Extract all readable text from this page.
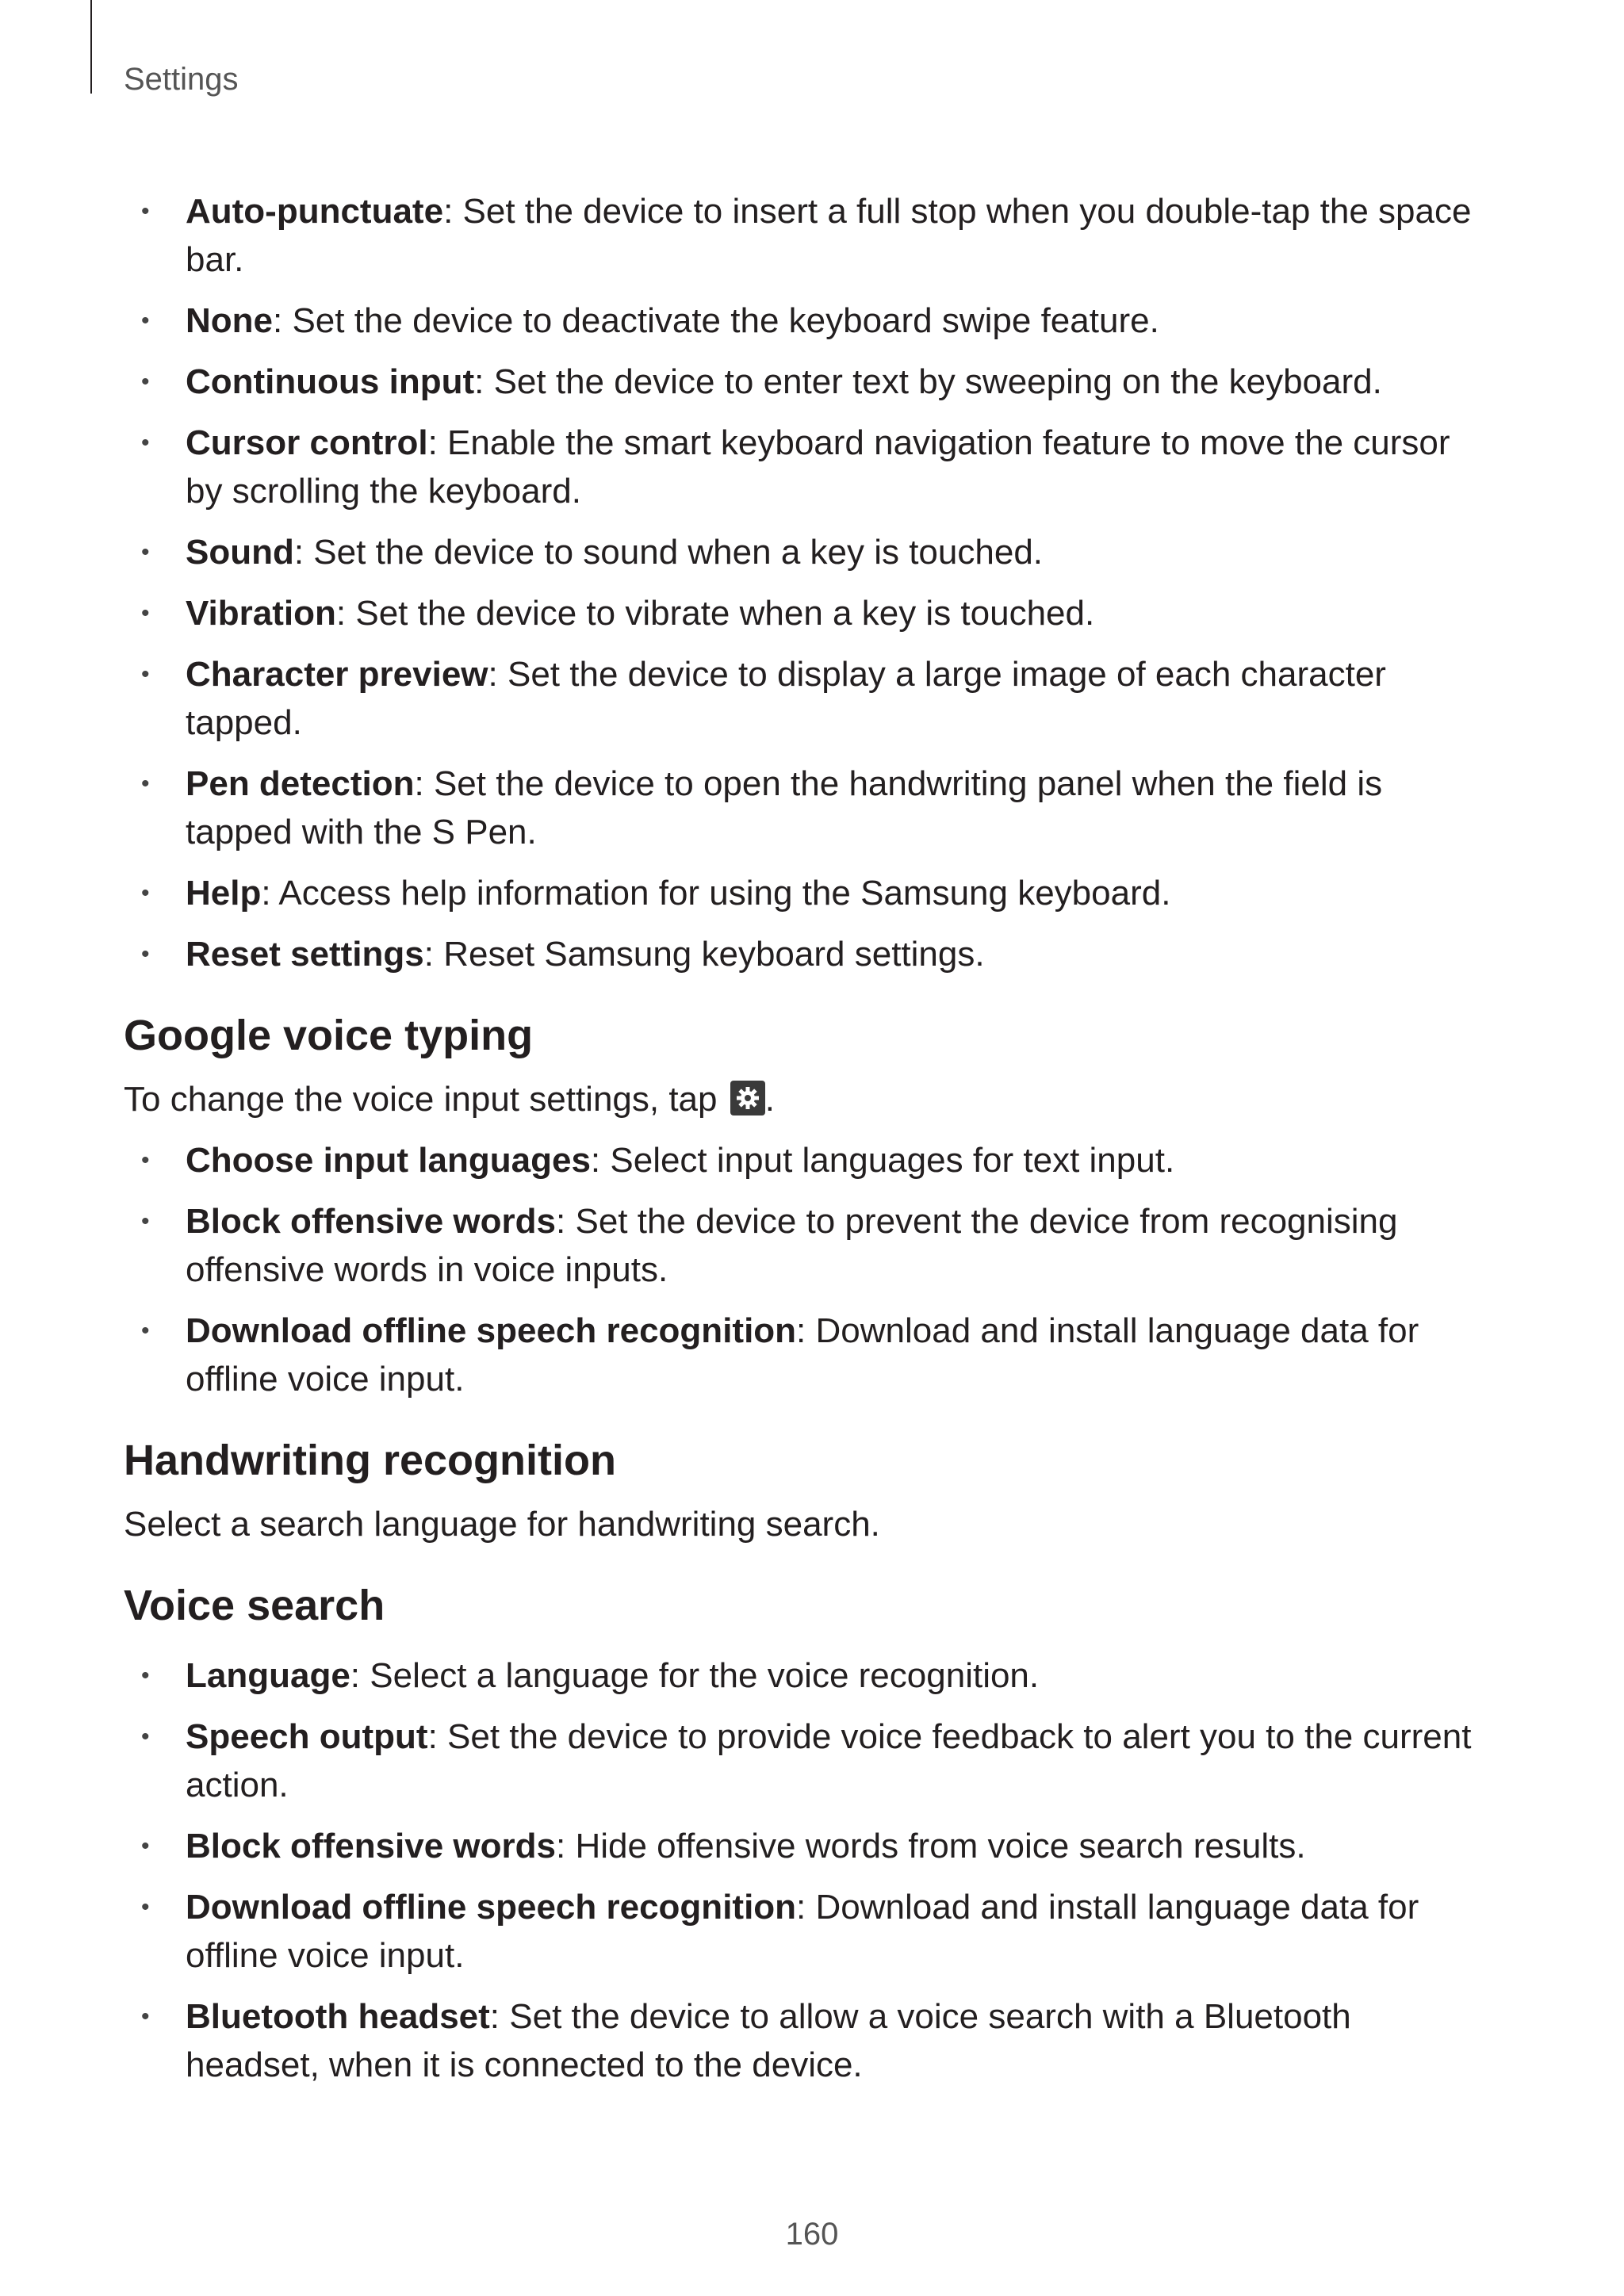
Settings
• Auto-punctuate: Set the device to insert a full stop when you double-tap the space bar.
• None: Set the device to deactivate the keyboard swipe feature.
• Continuous input: Set the device to enter text by sweeping on the keyboard.
• Cursor control: Enable the smart keyboard navigation feature to move the cursor by scrolling the keyboard.
• Sound: Set the device to sound when a key is touched.
• Vibration: Set the device to vibrate when a key is touched.
• Character preview: Set the device to display a large image of each character tapped.
• Pen detection: Set the device to open the handwriting panel when the field is tapped with the S Pen.
• Help: Access help information for using the Samsung keyboard.
• Reset settings: Reset Samsung keyboard settings.
Google voice typing

To change the voice input settings, tap
.

• Choose input languages: Select input languages for text input.
• Block offensive words: Set the device to prevent the device from recognising offensive words in voice inputs.
• Download offline speech recognition: Download and install language data for offline voice input.
Handwriting recognition

Select a search language for handwriting search.

Voice search
• Language: Select a language for the voice recognition.
• Speech output: Set the device to provide voice feedback to alert you to the current action.
• Block offensive words: Hide offensive words from voice search results.
• Download offline speech recognition: Download and install language data for offline voice input.
• Bluetooth headset: Set the device to allow a voice search with a Bluetooth headset, when it is connected to the device.
160
